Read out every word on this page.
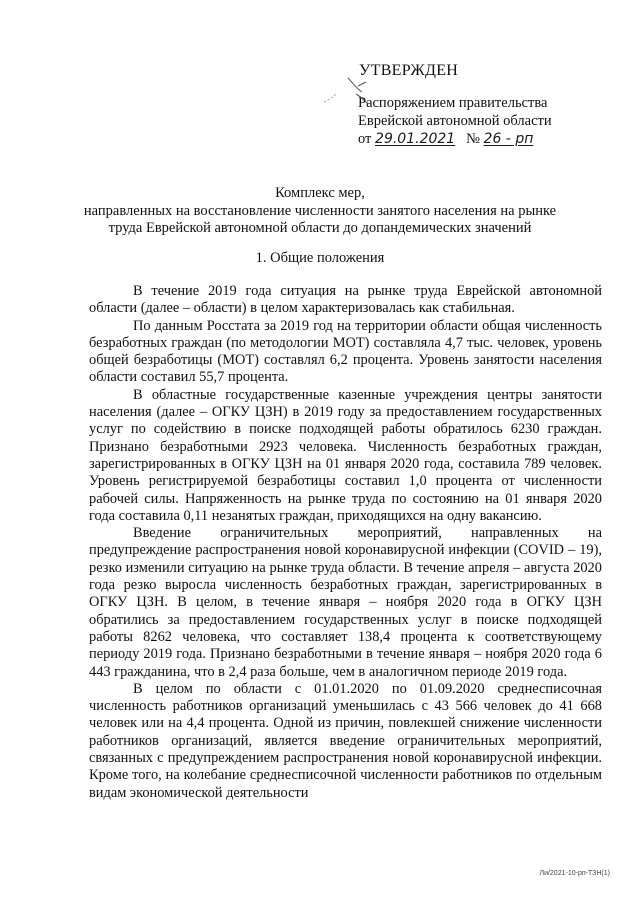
УТВЕРЖДЕН
Распоряжением правительства
Еврейской автономной области
от 29.01.2021 № 26 - рп
Комплекс мер,
направленных на восстановление численности занятого населения на рынке
труда Еврейской автономной области до допандемических значений
1. Общие положения

В течение 2019 года ситуация на рынке труда Еврейской автономной области (далее – области) в целом характеризовалась как стабильная.

По данным Росстата за 2019 год на территории области общая численность безработных граждан (по методологии МОТ) составляла 4,7 тыс. человек, уровень общей безработицы (МОТ) составлял 6,2 процента. Уровень занятости населения области составил 55,7 процента.

В областные государственные казенные учреждения центры занятости населения (далее – ОГКУ ЦЗН) в 2019 году за предоставлением государственных услуг по содействию в поиске подходящей работы обратилось 6230 граждан. Признано безработными 2923 человека. Численность безработных граждан, зарегистрированных в ОГКУ ЦЗН на 01 января 2020 года, составила 789 человек. Уровень регистрируемой безработицы составил 1,0 процента от численности рабочей силы. Напряженность на рынке труда по состоянию на 01 января 2020 года составила 0,11 незанятых граждан, приходящихся на одну вакансию.

Введение ограничительных мероприятий, направленных на предупреждение распространения новой коронавирусной инфекции (COVID – 19), резко изменили ситуацию на рынке труда области. В течение апреля – августа 2020 года резко выросла численность безработных граждан, зарегистрированных в ОГКУ ЦЗН. В целом, в течение января – ноября 2020 года в ОГКУ ЦЗН обратились за предоставлением государственных услуг в поиске подходящей работы 8262 человека, что составляет 138,4 процента к соответствующему периоду 2019 года. Признано безработными в течение января – ноября 2020 года 6 443 гражданина, что в 2,4 раза больше, чем в аналогичном периоде 2019 года.

В целом по области с 01.01.2020 по 01.09.2020 среднесписочная численность работников организаций уменьшилась с 43 566 человек до 41 668 человек или на 4,4 процента. Одной из причин, повлекшей снижение численности работников организаций, является введение ограничительных мероприятий, связанных с предупреждением распространения новой коронавирусной инфекции. Кроме того, на колебание среднесписочной численности работников по отдельным видам экономической деятельности

Ли/2021-10-рп-ТЗН(1)
